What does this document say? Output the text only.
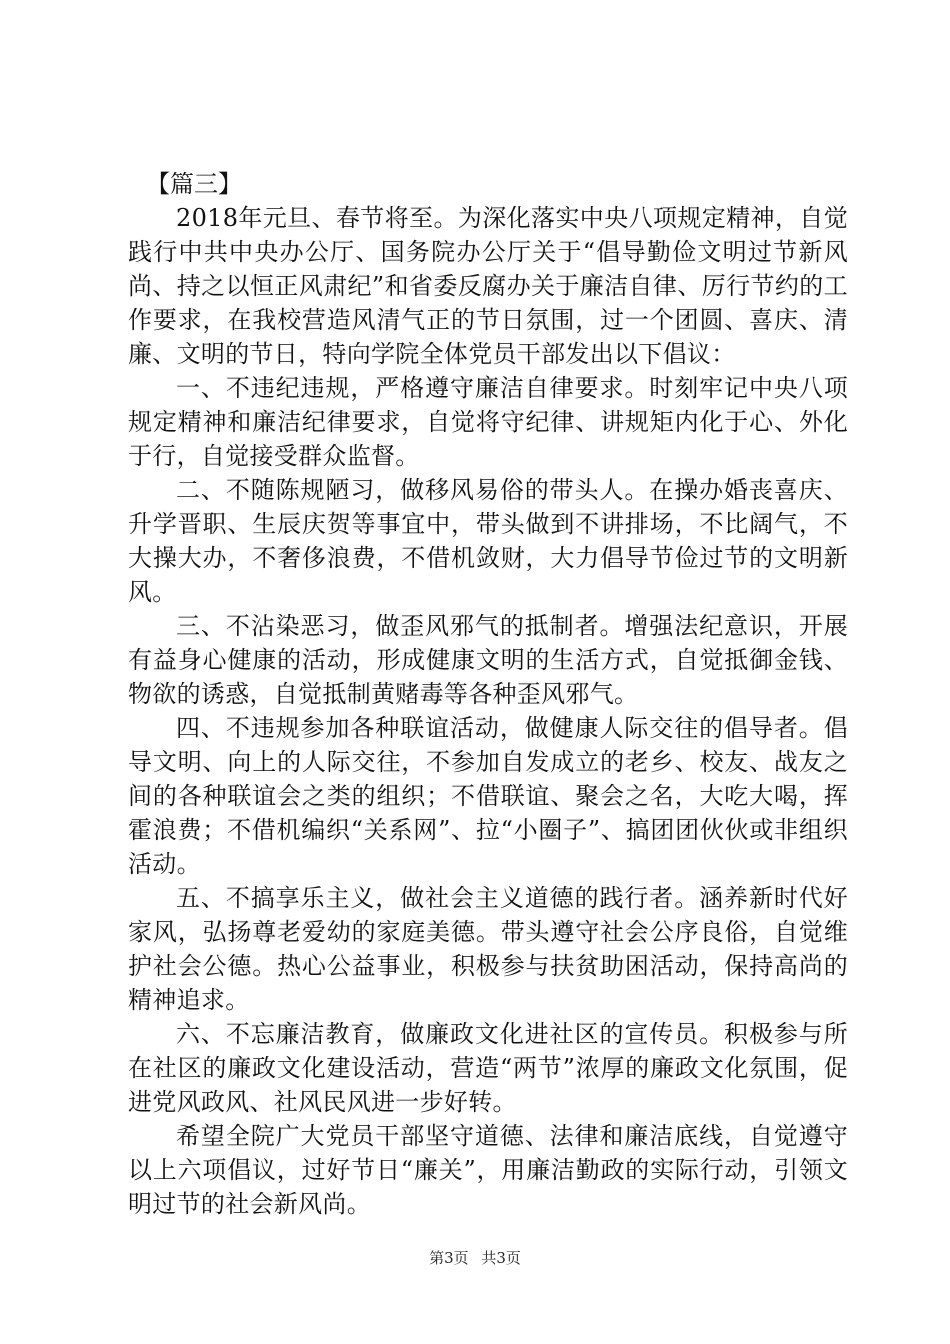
【篇三】

2018年元旦、春节将至。为深化落实中央八项规定精神，自觉践行中共中央办公厅、国务院办公厅关于“倡导勤俭文明过节新风尚、持之以恒正风肃纪”和省委反腐办关于廉洁自律、厉行节约的工作要求，在我校营造风清气正的节日氛围，过一个团圆、喜庆、清廉、文明的节日，特向学院全体党员干部发出以下倡议：

一、不违纪违规，严格遵守廉洁自律要求。时刻牢记中央八项规定精神和廉洁纪律要求，自觉将守纪律、讲规矩内化于心、外化于行，自觉接受群众监督。

二、不随陈规陋习，做移风易俗的带头人。在操办婚丧喜庆、升学晋职、生辰庆贺等事宜中，带头做到不讲排场，不比阔气，不大操大办，不奢侈浪费，不借机敛财，大力倡导节俭过节的文明新风。

三、不沾染恶习，做歪风邪气的抵制者。增强法纪意识，开展有益身心健康的活动，形成健康文明的生活方式，自觉抵御金钱、物欲的诱惑，自觉抵制黄赌毒等各种歪风邪气。

四、不违规参加各种联谊活动，做健康人际交往的倡导者。倡导文明、向上的人际交往，不参加自发成立的老乡、校友、战友之间的各种联谊会之类的组织；不借联谊、聚会之名，大吃大喝，挥霍浪费；不借机编织“关系网”、拉“小圈子”、搞团团伙伙或非组织活动。

五、不搞享乐主义，做社会主义道德的践行者。涵养新时代好家风，弘扬尊老爱幼的家庭美德。带头遵守社会公序良俗，自觉维护社会公德。热心公益事业，积极参与扶贫助困活动，保持高尚的精神追求。

六、不忘廉洁教育，做廉政文化进社区的宣传员。积极参与所在社区的廉政文化建设活动，营造“两节”浓厚的廉政文化氛围，促进党风政风、社风民风进一步好转。

希望全院广大党员干部坚守道德、法律和廉洁底线，自觉遵守以上六项倡议，过好节日“廉关”，用廉洁勤政的实际行动，引领文明过节的社会新风尚。

第3页 共3页
